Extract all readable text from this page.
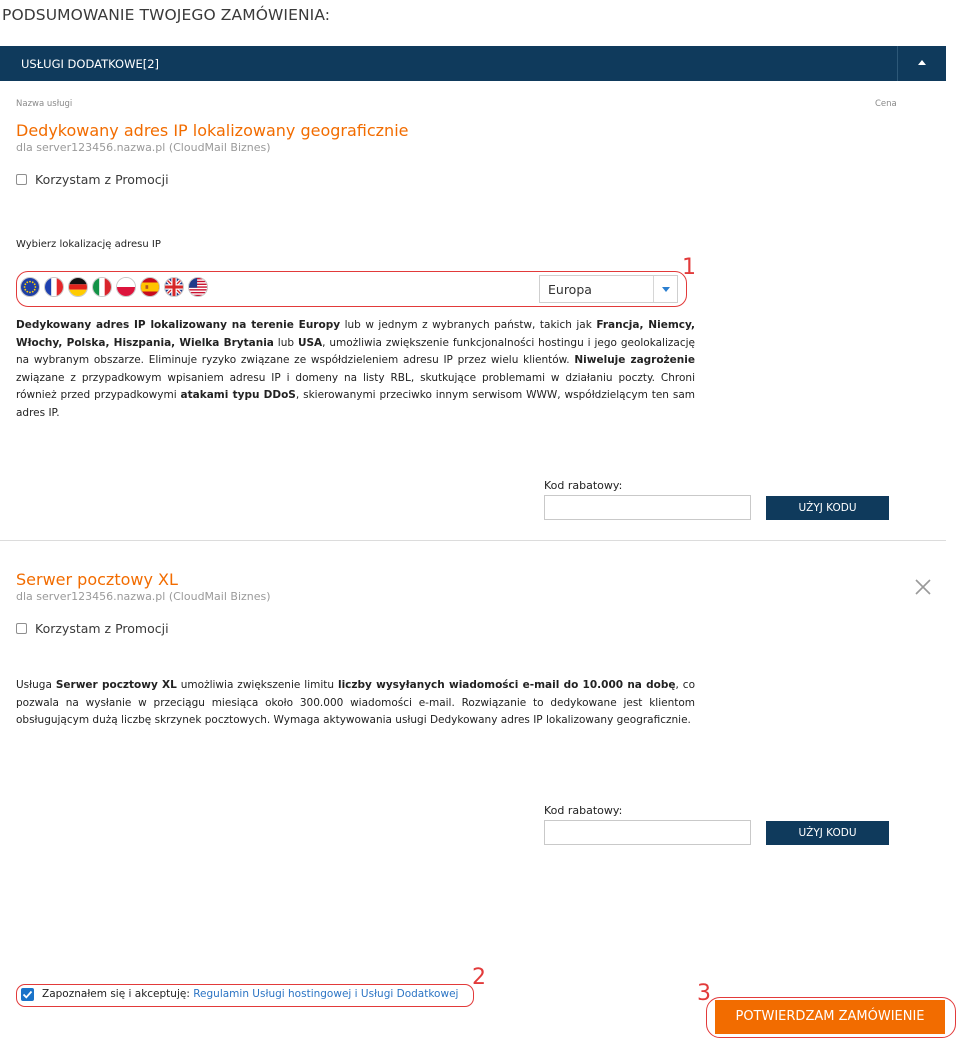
PODSUMOWANIE TWOJEGO ZAMÓWIENIA:
USŁUGI DODATKOWE[2]
Nazwa usługi	Cena
Dedykowany adres IP lokalizowany geograficznie
dla server123456.nazwa.pl (CloudMail Biznes)
Korzystam z Promocji
Wybierz lokalizację adresu IP
Europa
Dedykowany adres IP lokalizowany na terenie Europy lub w jednym z wybranych państw, takich jak Francja, Niemcy, Włochy, Polska, Hiszpania, Wielka Brytania lub USA, umożliwia zwiększenie funkcjonalności hostingu i jego geolokalizację na wybranym obszarze. Eliminuje ryzyko związane ze współdzieleniem adresu IP przez wielu klientów. Niweluje zagrożenie związane z przypadkowym wpisaniem adresu IP i domeny na listy RBL, skutkujące problemami w działaniu poczty. Chroni również przed przypadkowymi atakami typu DDoS, skierowanymi przeciwko innym serwisom WWW, współdzielącym ten sam adres IP.
Kod rabatowy:
UŻYJ KODU
Serwer pocztowy XL
dla server123456.nazwa.pl (CloudMail Biznes)
Korzystam z Promocji
Usługa Serwer pocztowy XL umożliwia zwiększenie limitu liczby wysyłanych wiadomości e-mail do 10.000 na dobę, co pozwala na wysłanie w przeciągu miesiąca około 300.000 wiadomości e-mail. Rozwiązanie to dedykowane jest klientom obsługującym dużą liczbę skrzynek pocztowych. Wymaga aktywowania usługi Dedykowany adres IP lokalizowany geograficznie.
Kod rabatowy:
UŻYJ KODU
1
2
3
Zapoznałem się i akceptuję: Regulamin Usługi hostingowej i Usługi Dodatkowej
POTWIERDZAM ZAMÓWIENIE
